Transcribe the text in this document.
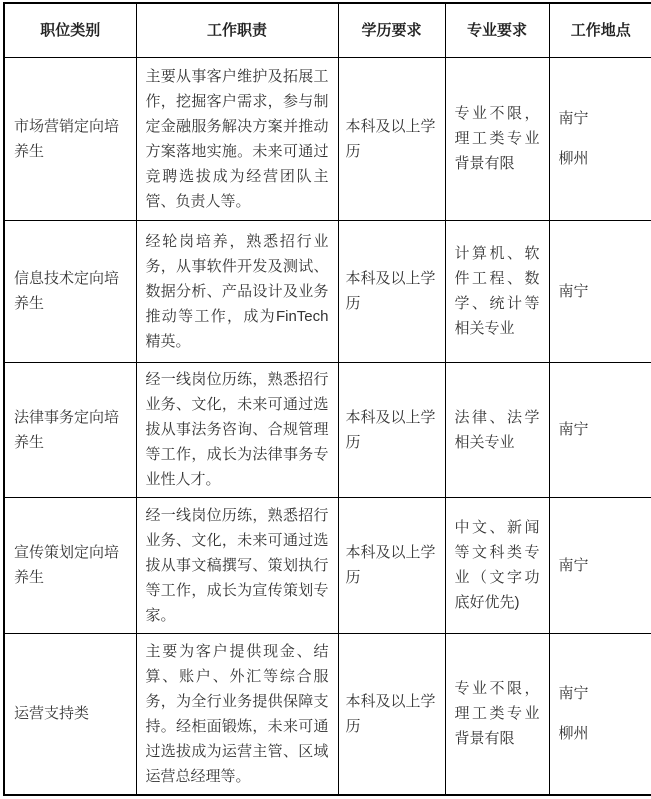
职位类别	工作职责	学历要求	专业要求	工作地点
市场营销定向培养生	主要从事客户维护及拓展工作，挖掘客户需求，参与制定金融服务解决方案并推动方案落地实施。未来可通过竞聘选拔成为经营团队主管、负责人等。	本科及以上学历	专业不限，理工类专业背景有限	南宁
柳州

信息技术定向培养生	经轮岗培养，熟悉招行业务，从事软件开发及测试、数据分析、产品设计及业务推动等工作，成为FinTech精英。	本科及以上学历	计算机、软件工程、数学、统计等相关专业	南宁

法律事务定向培养生	经一线岗位历练，熟悉招行业务、文化，未来可通过选拔从事法务咨询、合规管理等工作，成长为法律事务专业性人才。	本科及以上学历	法律、法学相关专业	南宁

宣传策划定向培养生	经一线岗位历练，熟悉招行业务、文化，未来可通过选拔从事文稿撰写、策划执行等工作，成长为宣传策划专家。	本科及以上学历	中文、新闻等文科类专业（文字功底好优先)	南宁

运营支持类	主要为客户提供现金、结算、账户、外汇等综合服务，为全行业务提供保障支持。经柜面锻炼，未来可通过选拔成为运营主管、区域运营总经理等。	本科及以上学历	专业不限，理工类专业背景有限	南宁
柳州
